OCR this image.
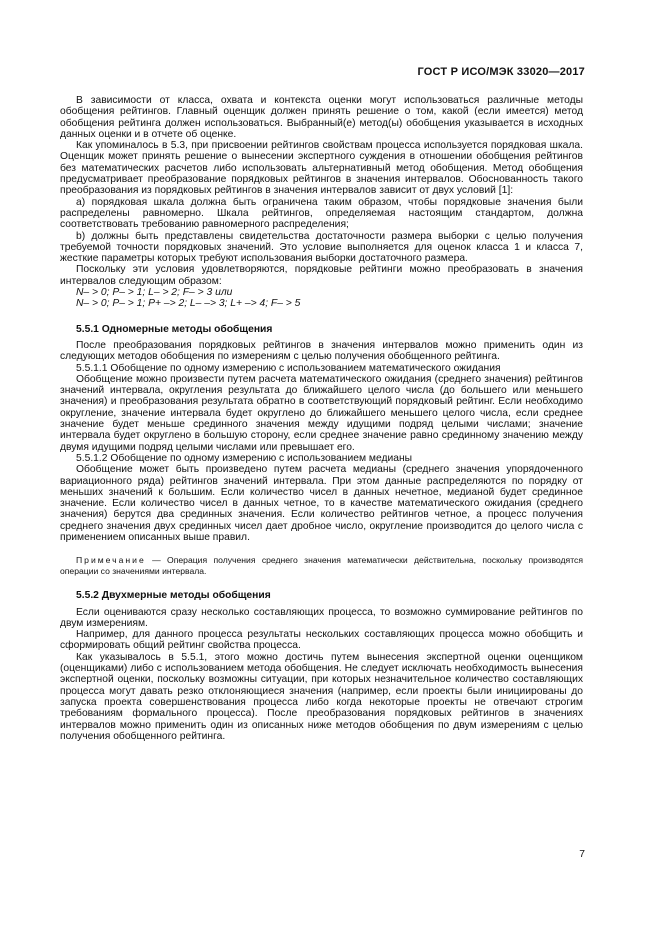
ГОСТ Р ИСО/МЭК 33020—2017

В зависимости от класса, охвата и контекста оценки могут использоваться различные методы обобщения рейтингов. Главный оценщик должен принять решение о том, какой (если имеется) метод обобщения рейтинга должен использоваться. Выбранный(е) метод(ы) обобщения указывается в исходных данных оценки и в отчете об оценке.

Как упоминалось в 5.3, при присвоении рейтингов свойствам процесса используется порядковая шкала. Оценщик может принять решение о вынесении экспертного суждения в отношении обобщения рейтингов без математических расчетов либо использовать альтернативный метод обобщения. Метод обобщения предусматривает преобразование порядковых рейтингов в значения интервалов. Обоснованность такого преобразования из порядковых рейтингов в значения интервалов зависит от двух условий [1]:

а) порядковая шкала должна быть ограничена таким образом, чтобы порядковые значения были распределены равномерно. Шкала рейтингов, определяемая настоящим стандартом, должна соответствовать требованию равномерного распределения;

b) должны быть представлены свидетельства достаточности размера выборки с целью получения требуемой точности порядковых значений. Это условие выполняется для оценок класса 1 и класса 7, жесткие параметры которых требуют использования выборки достаточного размера.

Поскольку эти условия удовлетворяются, порядковые рейтинги можно преобразовать в значения интервалов следующим образом:

N– > 0; P– > 1; L– > 2; F– > 3 или

N– > 0; P– > 1; P+ –> 2; L– –> 3; L+ –> 4; F– > 5

5.5.1 Одномерные методы обобщения

После преобразования порядковых рейтингов в значения интервалов можно применить один из следующих методов обобщения по измерениям с целью получения обобщенного рейтинга.

5.5.1.1 Обобщение по одному измерению с использованием математического ожидания

Обобщение можно произвести путем расчета математического ожидания (среднего значения) рейтингов значений интервала, округления результата до ближайшего целого числа (до большего или меньшего значения) и преобразования результата обратно в соответствующий порядковый рейтинг. Если необходимо округление, значение интервала будет округлено до ближайшего меньшего целого числа, если среднее значение будет меньше срединного значения между идущими подряд целыми числами; значение интервала будет округлено в большую сторону, если среднее значение равно срединному значению между двумя идущими подряд целыми числами или превышает его.

5.5.1.2 Обобщение по одному измерению с использованием медианы

Обобщение может быть произведено путем расчета медианы (среднего значения упорядоченного вариационного ряда) рейтингов значений интервала. При этом данные распределяются по порядку от меньших значений к большим. Если количество чисел в данных нечетное, медианой будет срединное значение. Если количество чисел в данных четное, то в качестве математического ожидания (среднего значения) берутся два срединных значения. Если количество рейтингов четное, а процесс получения среднего значения двух срединных чисел дает дробное число, округление производится до целого числа с применением описанных выше правил.

Примечание — Операция получения среднего значения математически действительна, поскольку производятся операции со значениями интервала.
5.5.2 Двухмерные методы обобщения

Если оцениваются сразу несколько составляющих процесса, то возможно суммирование рейтингов по двум измерениям.

Например, для данного процесса результаты нескольких составляющих процесса можно обобщить и сформировать общий рейтинг свойства процесса.

Как указывалось в 5.5.1, этого можно достичь путем вынесения экспертной оценки оценщиком (оценщиками) либо с использованием метода обобщения. Не следует исключать необходимость вынесения экспертной оценки, поскольку возможны ситуации, при которых незначительное количество составляющих процесса могут давать резко отклоняющиеся значения (например, если проекты были инициированы до запуска проекта совершенствования процесса либо когда некоторые проекты не отвечают строгим требованиям формального процесса). После преобразования порядковых рейтингов в значениях интервалов можно применить один из описанных ниже методов обобщения по двум измерениям с целью получения обобщенного рейтинга.

7
